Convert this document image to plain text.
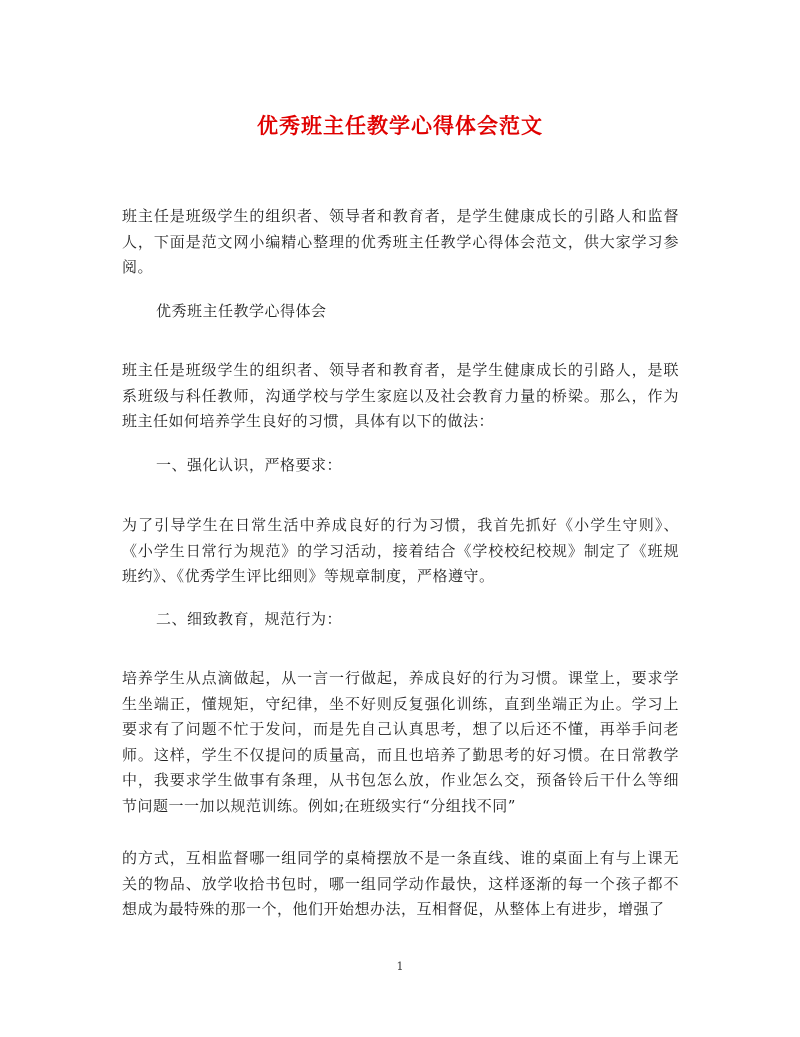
优秀班主任教学心得体会范文
班主任是班级学生的组织者、领导者和教育者，是学生健康成长的引路人和监督人，下面是范文网小编精心整理的优秀班主任教学心得体会范文，供大家学习参阅。
优秀班主任教学心得体会
班主任是班级学生的组织者、领导者和教育者，是学生健康成长的引路人，是联系班级与科任教师，沟通学校与学生家庭以及社会教育力量的桥梁。那么，作为班主任如何培养学生良好的习惯，具体有以下的做法：
一、强化认识，严格要求：
为了引导学生在日常生活中养成良好的行为习惯，我首先抓好《小学生守则》、《小学生日常行为规范》的学习活动，接着结合《学校校纪校规》制定了《班规班约》、《优秀学生评比细则》等规章制度，严格遵守。
二、细致教育，规范行为：
培养学生从点滴做起，从一言一行做起，养成良好的行为习惯。课堂上，要求学生坐端正，懂规矩，守纪律，坐不好则反复强化训练，直到坐端正为止。学习上要求有了问题不忙于发问，而是先自己认真思考，想了以后还不懂，再举手问老师。这样，学生不仅提问的质量高，而且也培养了勤思考的好习惯。在日常教学中，我要求学生做事有条理，从书包怎么放，作业怎么交，预备铃后干什么等细节问题一一加以规范训练。例如;在班级实行“分组找不同”
的方式，互相监督哪一组同学的桌椅摆放不是一条直线、谁的桌面上有与上课无关的物品、放学收拾书包时，哪一组同学动作最快，这样逐渐的每一个孩子都不想成为最特殊的那一个，他们开始想办法，互相督促，从整体上有进步，增强了
1
